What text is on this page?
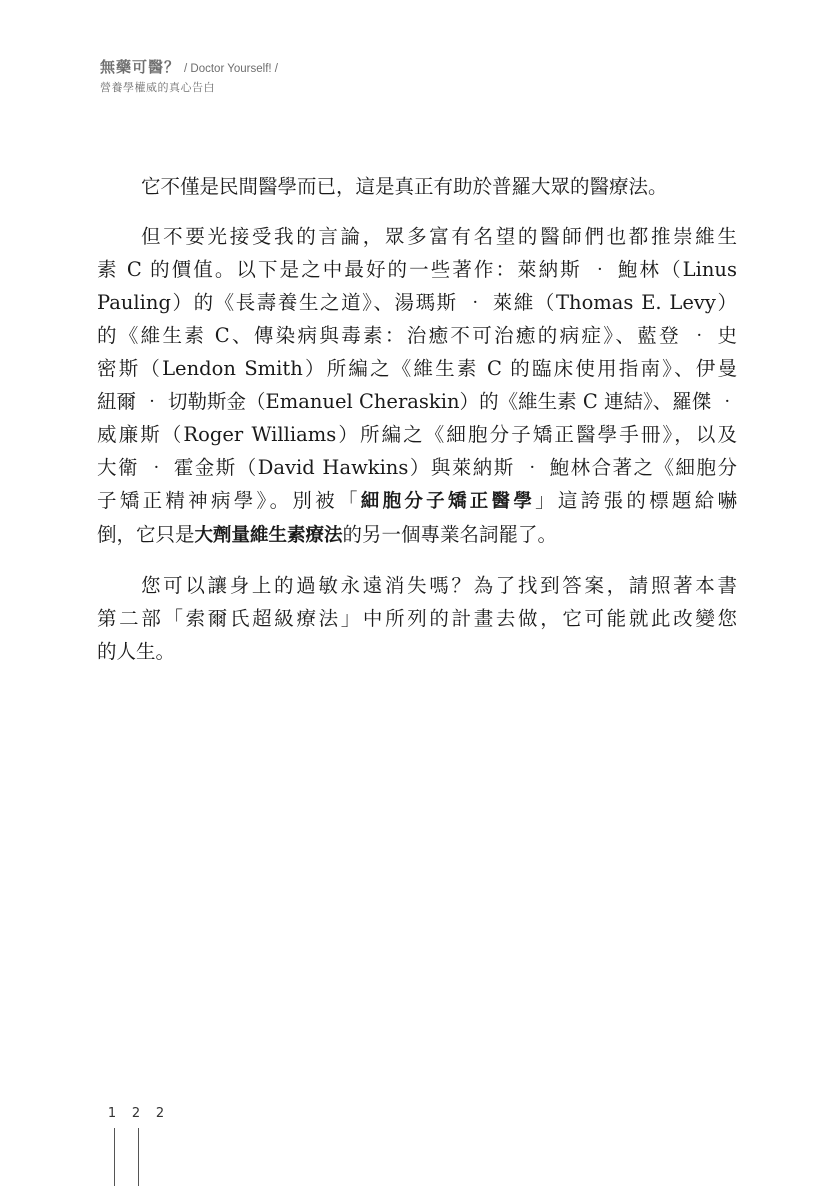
無藥可醫？ / Doctor Yourself! /
營養學權威的真心告白

它不僅是民間醫學而已，這是真正有助於普羅大眾的醫療法。

但不要光接受我的言論，眾多富有名望的醫師們也都推崇維生
素 C 的價值。以下是之中最好的一些著作：萊納斯 ‧ 鮑林（Linus
Pauling）的《長壽養生之道》、湯瑪斯 ‧ 萊維（Thomas E. Levy）
的《維生素 C、傳染病與毒素：治癒不可治癒的病症》、藍登 ‧ 史
密斯（Lendon Smith）所編之《維生素 C 的臨床使用指南》、伊曼
紐爾 ‧ 切勒斯金（Emanuel Cheraskin）的《維生素 C 連結》、羅傑 ‧
威廉斯（Roger Williams）所編之《細胞分子矯正醫學手冊》，以及
大衛 ‧ 霍金斯（David Hawkins）與萊納斯 ‧ 鮑林合著之《細胞分
子矯正精神病學》。別被「細胞分子矯正醫學」這誇張的標題給嚇
倒，它只是大劑量維生素療法的另一個專業名詞罷了。

您可以讓身上的過敏永遠消失嗎？為了找到答案，請照著本書
第二部「索爾氏超級療法」中所列的計畫去做，它可能就此改變您
的人生。

1	2	2
